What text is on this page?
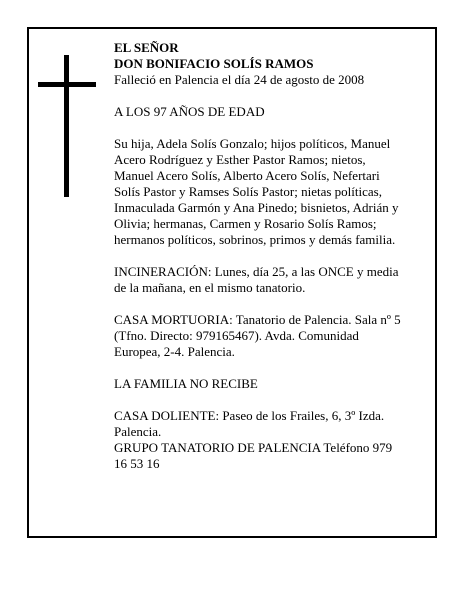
EL SEÑOR
DON BONIFACIO SOLÍS RAMOS
Falleció en Palencia el día 24 de agosto de 2008
A LOS 97 AÑOS DE EDAD
Su hija, Adela Solís Gonzalo; hijos políticos, Manuel
Acero Rodríguez y Esther Pastor Ramos; nietos,
Manuel Acero Solís, Alberto Acero Solís, Nefertari
Solís Pastor y Ramses Solís Pastor; nietas políticas,
Inmaculada Garmón y Ana Pinedo; bisnietos, Adrián y
Olivia; hermanas, Carmen y Rosario Solís Ramos;
hermanos políticos, sobrinos, primos y demás familia.
INCINERACIÓN: Lunes, día 25, a las ONCE y media
de la mañana, en el mismo tanatorio.
CASA MORTUORIA: Tanatorio de Palencia. Sala nº 5
(Tfno. Directo: 979165467). Avda. Comunidad
Europea, 2-4. Palencia.
LA FAMILIA NO RECIBE
CASA DOLIENTE: Paseo de los Frailes, 6, 3º Izda.
Palencia.
GRUPO TANATORIO DE PALENCIA Teléfono 979
16 53 16
